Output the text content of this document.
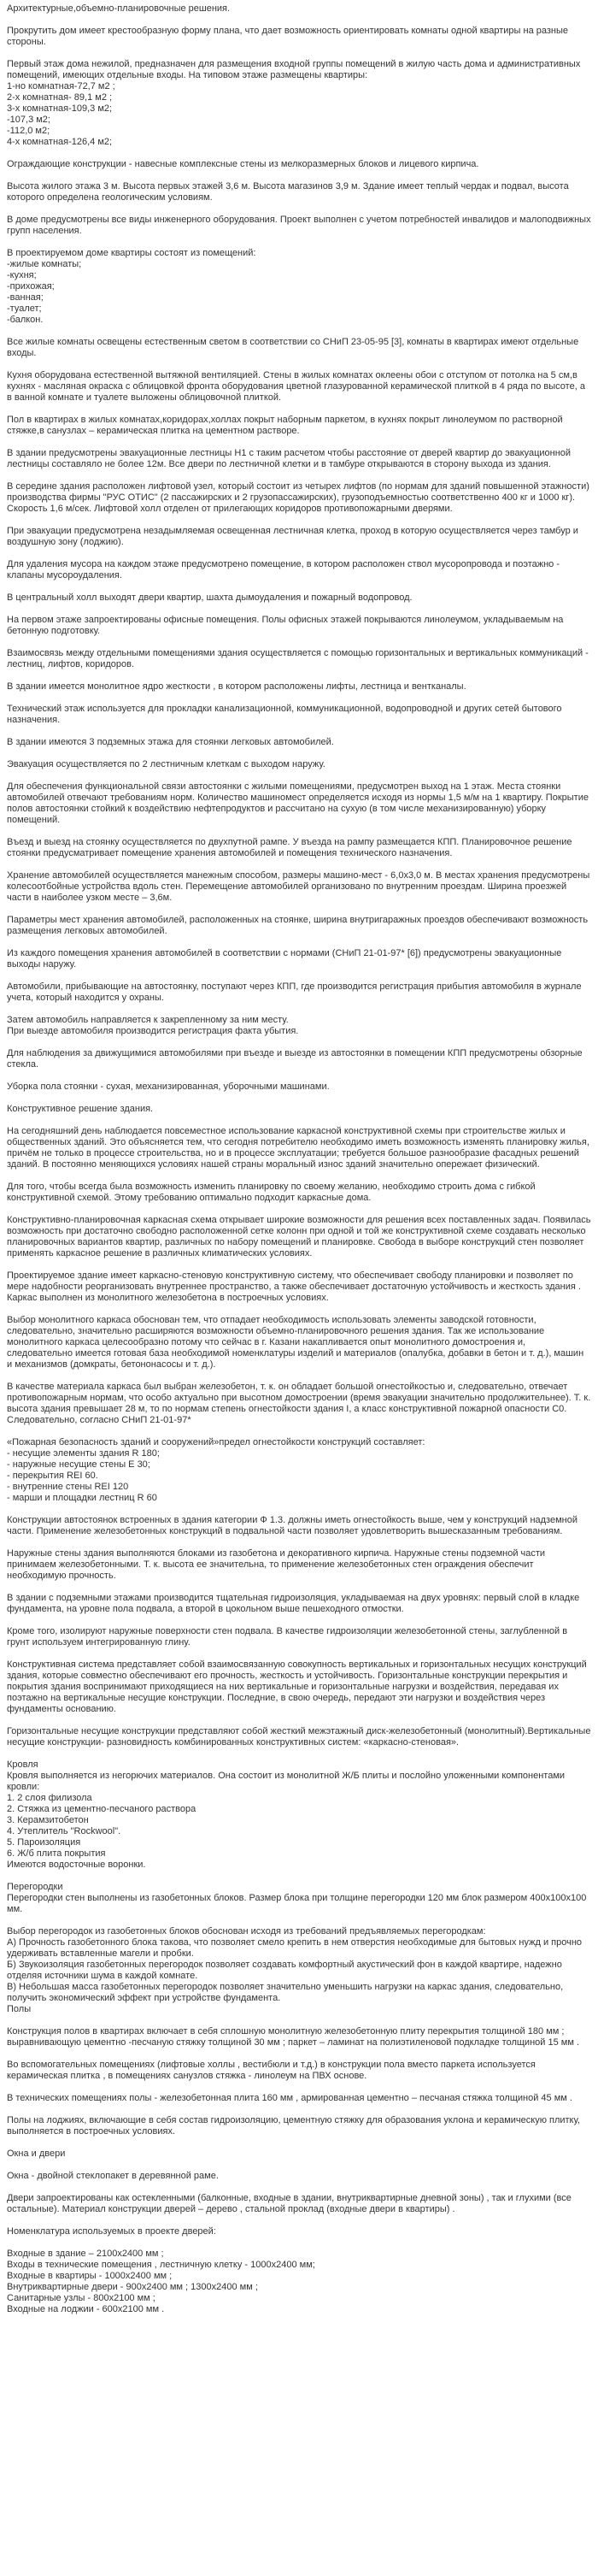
Архитектурные,объемно-планировочные решения.

Прокрутить дом имеет крестообразную форму плана, что дает возможность ориентировать комнаты одной квартиры на разные стороны.

Первый этаж дома нежилой, предназначен для размещения входной группы помещений в жилую часть дома и административных помещений, имеющих отдельные входы. На типовом этаже размещены квартиры:
1-но комнатная-72,7 м2 ;
2-х комнатная- 89,1 м2 ;
3-х комнатная-109,3 м2;
-107,3 м2;
-112,0 м2;
4-х комнатная-126,4 м2;

Ограждающие конструкции - навесные комплексные стены из мелкоразмерных блоков и лицевого кирпича.

Высота жилого этажа 3 м. Высота первых этажей 3,6 м. Высота магазинов 3,9 м. Здание имеет теплый чердак и подвал, высота которого определена геологическим условиям.

В доме предусмотрены все виды инженерного оборудования. Проект выполнен с учетом потребностей инвалидов и малоподвижных групп населения.

В проектируемом доме квартиры состоят из помещений:
-жилые комнаты;
-кухня;
-прихожая;
-ванная;
-туалет;
-балкон.

Все жилые комнаты освещены естественным светом в соответствии со СНиП 23-05-95 [3], комнаты в квартирах имеют отдельные входы.

Кухня оборудована естественной вытяжной вентиляцией. Стены в жилых комнатах оклеены обои с отступом от потолка на 5 см,в кухнях - масляная окраска с облицовкой фронта оборудования цветной глазурованной керамической плиткой в 4 ряда по высоте, а в ванной комнате и туалете выложены облицовочной плиткой.

Пол в квартирах в жилых комнатах,коридорах,холлах покрыт наборным паркетом, в кухнях покрыт линолеумом по растворной стяжке,в санузлах – керамическая плитка на цементном растворе.

В здании предусмотрены эвакуационные лестницы Н1 с таким расчетом чтобы расстояние от дверей квартир до эвакуационной лестницы составляло не более 12м. Все двери по лестничной клетки и в тамбуре открываются в сторону выхода из здания.

В середине здания расположен лифтовой узел, который состоит из четырех лифтов (по нормам для зданий повышенной этажности) производства фирмы "РУС ОТИС" (2 пассажирских и 2 грузопассажирских), грузоподъемностью соответственно 400 кг и 1000 кг). Скорость 1,6 м/сек. Лифтовой холл отделен от прилегающих коридоров противопожарными дверями.

При эвакуации предусмотрена незадымляемая освещенная лестничная клетка, проход в которую осуществляется через тамбур и воздушную зону (лоджию).

Для удаления мусора на каждом этаже предусмотрено помещение, в котором расположен ствол мусоропровода и поэтажно - клапаны мусороудаления.

В центральный холл выходят двери квартир, шахта дымоудаления и пожарный водопровод.

На первом этаже запроектированы офисные помещения. Полы офисных этажей покрываются линолеумом, укладываемым на бетонную подготовку.

Взаимосвязь между отдельными помещениями здания осуществляется с помощью горизонтальных и вертикальных коммуникаций - лестниц, лифтов, коридоров.

В здании имеется монолитное ядро жесткости , в котором расположены лифты, лестница и вентканалы.

Технический этаж используется для прокладки канализационной, коммуникационной, водопроводной и других сетей бытового назначения.

В здании имеются 3 подземных этажа для стоянки легковых автомобилей.

Эвакуация осуществляется по 2 лестничным клеткам с выходом наружу.

Для обеспечения функциональной связи автостоянки с жилыми помещениями, предусмотрен выход на 1 этаж. Места стоянки автомобилей отвечают требованиям норм. Количество машиномест определяется исходя из нормы 1,5 м/м на 1 квартиру. Покрытие полов автостоянки стойкий к воздействию нефтепродуктов и рассчитано на сухую (в том числе механизированную) уборку помещений.

Въезд и выезд на стоянку осуществляется по двухпутной рампе. У въезда на рампу размещается КПП. Планировочное решение стоянки предусматривает помещение хранения автомобилей и помещения технического назначения.

Хранение автомобилей осуществляется манежным способом, размеры машино-мест - 6,0х3,0 м. В местах хранения предусмотрены колесоотбойные устройства вдоль стен. Перемещение автомобилей организовано по внутренним проездам. Ширина проезжей части в наиболее узком месте – 3,6м.

Параметры мест хранения автомобилей, расположенных на стоянке, ширина внутригаражных проездов обеспечивают возможность размещения легковых автомобилей.

Из каждого помещения хранения автомобилей в соответствии с нормами (СНиП 21-01-97* [6]) предусмотрены эвакуационные выходы наружу.

Автомобили, прибывающие на автостоянку, поступают через КПП, где производится регистрация прибытия автомобиля в журнале учета, который находится у охраны.

Затем автомобиль направляется к закрепленному за ним месту.
При выезде автомобиля производится регистрация факта убытия.

Для наблюдения за движущимися автомобилями при въезде и выезде из автостоянки в помещении КПП предусмотрены обзорные стекла.

Уборка пола стоянки - сухая, механизированная, уборочными машинами.

Конструктивное решение здания.

На сегодняшний день наблюдается повсеместное использование каркасной конструктивной схемы при строительстве жилых и общественных зданий. Это объясняется тем, что сегодня потребителю необходимо иметь возможность изменять планировку жилья, причём не только в процессе строительства, но и в процессе эксплуатации; требуется большое разнообразие фасадных решений зданий. В постоянно меняющихся условиях нашей страны моральный износ зданий значительно опережает физический.

Для того, чтобы всегда была возможность изменить планировку по своему желанию, необходимо строить дома с гибкой конструктивной схемой. Этому требованию оптимально подходит каркасные дома.

Конструктивно-планировочная каркасная схема открывает широкие возможности для решения всех поставленных задач. Появилась возможность при достаточно свободно расположенной сетке колонн при одной и той же конструктивной схеме создавать несколько планировочных вариантов квартир, различных по набору помещений и планировке. Свобода в выборе конструкций стен позволяет применять каркасное решение в различных климатических условиях.

Проектируемое здание имеет каркасно-стеновую конструктивную систему, что обеспечивает свободу планировки и позволяет по мере надобности реорганизовать внутреннее пространство, а также обеспечивает достаточную устойчивость и жесткость здания . Каркас выполнен из монолитного железобетона в построечных условиях.

Выбор монолитного каркаса обоснован тем, что отпадает необходимость использовать элементы заводской готовности, следовательно, значительно расширяются возможности объемно-планировочного решения здания. Так же использование монолитного каркаса целесообразно потому что сейчас в г. Казани накапливается опыт монолитного домостроения и, следовательно имеется готовая база необходимой номенклатуры изделий и материалов (опалубка, добавки в бетон и т. д.), машин и механизмов (домкраты, бетононасосы и т. д.).

В качестве материала каркаса был выбран железобетон, т. к. он обладает большой огнестойкостью и, следовательно, отвечает противопожарным нормам, что особо актуально при высотном домостроении (время эвакуации значительно продолжительнее). Т. к. высота здания превышает 28 м, то по нормам степень огнестойкости здания I, а класс конструктивной пожарной опасности С0. Следовательно, согласно СНиП 21-01-97*

«Пожарная безопасность зданий и сооружений»предел огнестойкости конструкций составляет:
- несущие элементы здания R 180;
- наружные несущие стены E 30;
- перекрытия REI 60.
- внутренние стены REI 120
- марши и площадки лестниц R 60

Конструкции автостоянок встроенных в здания категории Ф 1.3. должны иметь огнестойкость выше, чем у конструкций надземной части. Применение железобетонных конструкций в подвальной части позволяет удовлетворить вышесказанным требованиям.

Наружные стены здания выполняются блоками из газобетона и декоративного кирпича. Наружные стены подземной части принимаем железобетонными. Т. к. высота ее значительна, то применение железобетонных стен ограждения обеспечит необходимую прочность.

В здании с подземными этажами производится тщательная гидроизоляция, укладываемая на двух уровнях: первый слой в кладке фундамента, на уровне пола подвала, а второй в цокольном выше пешеходного отмостки.

Кроме того, изолируют наружные поверхности стен подвала. В качестве гидроизоляции железобетонной стены, заглубленной в грунт используем интегрированную глину.

Конструктивная система представляет собой взаимосвязанную совокупность вертикальных и горизонтальных несущих конструкций здания, которые совместно обеспечивают его прочность, жесткость и устойчивость. Горизонтальные конструкции перекрытия и покрытия здания воспринимают приходящиеся на них вертикальные и горизонтальные нагрузки и воздействия, передавая их поэтажно на вертикальные несущие конструкции. Последние, в свою очередь, передают эти нагрузки и воздействия через фундаменты основанию.

Горизонтальные несущие конструкции представляют собой жесткий межэтажный диск-железобетонный (монолитный).Вертикальные несущие конструкции- разновидность комбинированных конструктивных систем: «каркасно-стеновая».

Кровля
Кровля выполняется из негорючих материалов. Она состоит из монолитной Ж/Б плиты и послойно уложенными компонентами кровли:
1. 2 слоя филизола
2. Стяжка из цементно-песчаного раствора
3. Керамзитобетон
4. Утеплитель "Rockwool".
5. Пароизоляция
6. Ж/б плита покрытия
Имеются водосточные воронки.

Перегородки
Перегородки стен выполнены из газобетонных блоков. Размер блока при толщине перегородки 120 мм блок размером 400х100х100 мм.

Выбор перегородок из газобетонных блоков обоснован исходя из требований предъявляемых перегородкам:
А) Прочность газобетонного блока такова, что позволяет смело крепить в нем отверстия необходимые для бытовых нужд и прочно удерживать вставленные магели и пробки.
Б) Звукоизоляция газобетонных перегородок позволяет создавать комфортный акустический фон в каждой квартире, надежно отделяя источники шума в каждой комнате.
В) Небольшая масса газобетонных перегородок позволяет значительно уменьшить нагрузки на каркас здания, следовательно, получить экономический эффект при устройстве фундамента.
Полы

Конструкция полов в квартирах включает в себя сплошную монолитную железобетонную плиту перекрытия толщиной 180 мм ; выравнивающую цементно -песчаную стяжку толщиной 30 мм ; паркет – ламинат на полиэтиленовой подкладке толщиной 15 мм .

Во вспомогательных помещениях (лифтовые холлы , вестибюли и т.д.) в конструкции пола вместо паркета используется керамическая плитка , в помещениях санузлов стяжка - линолеум на ПВХ основе.

В технических помещениях полы - железобетонная плита 160 мм , армированная цементно – песчаная стяжка толщиной 45 мм .

Полы на лоджиях, включающие в себя состав гидроизоляцию, цементную стяжку для образования уклона и керамическую плитку, выполняется в построечных условиях.

Окна и двери

Окна - двойной стеклопакет в деревянной раме.

Двери запроектированы как остекленными (балконные, входные в здании, внутриквартирные дневной зоны) , так и глухими (все остальные). Материал конструкции дверей – дерево , стальной проклад (входные двери в квартиры) .

Номенклатура используемых в проекте дверей:

Входные в здание – 2100х2400 мм ;
Входы в технические помещения , лестничную клетку - 1000х2400 мм;
Входные в квартиры - 1000х2400 мм ;
Внутриквартирные двери - 900х2400 мм ; 1300х2400 мм ;
Санитарные узлы - 800х2100 мм ;
Входные на лоджии - 600х2100 мм .
